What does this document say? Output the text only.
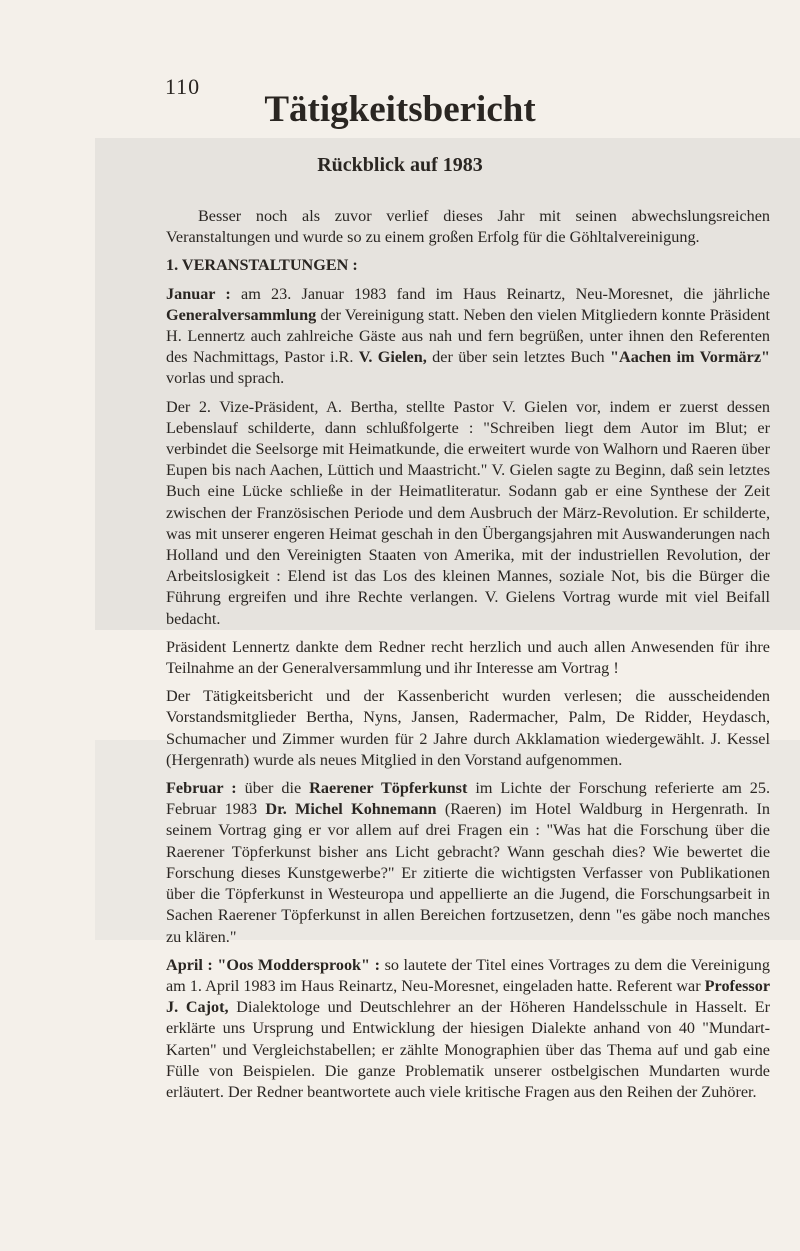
110
Tätigkeitsbericht
Rückblick auf 1983

Besser noch als zuvor verlief dieses Jahr mit seinen abwechslungsreichen Veranstaltungen und wurde so zu einem großen Erfolg für die Göhltalvereinigung.

1. VERANSTALTUNGEN :

Januar : am 23. Januar 1983 fand im Haus Reinartz, Neu-Moresnet, die jährliche Generalversammlung der Vereinigung statt. Neben den vielen Mitgliedern konnte Präsident H. Lennertz auch zahlreiche Gäste aus nah und fern begrüßen, unter ihnen den Referenten des Nachmittags, Pastor i.R. V. Gielen, der über sein letztes Buch "Aachen im Vormärz" vorlas und sprach.

Der 2. Vize-Präsident, A. Bertha, stellte Pastor V. Gielen vor, indem er zuerst dessen Lebenslauf schilderte, dann schlußfolgerte : "Schreiben liegt dem Autor im Blut; er verbindet die Seelsorge mit Heimatkunde, die erweitert wurde von Walhorn und Raeren über Eupen bis nach Aachen, Lüttich und Maastricht." V. Gielen sagte zu Beginn, daß sein letztes Buch eine Lücke schließe in der Heimatliteratur. Sodann gab er eine Synthese der Zeit zwischen der Französischen Periode und dem Ausbruch der März-Revolution. Er schilderte, was mit unserer engeren Heimat geschah in den Übergangsjahren mit Auswanderungen nach Holland und den Vereinigten Staaten von Amerika, mit der industriellen Revolution, der Arbeitslosigkeit : Elend ist das Los des kleinen Mannes, soziale Not, bis die Bürger die Führung ergreifen und ihre Rechte verlangen. V. Gielens Vortrag wurde mit viel Beifall bedacht.

Präsident Lennertz dankte dem Redner recht herzlich und auch allen Anwesenden für ihre Teilnahme an der Generalversammlung und ihr Interesse am Vortrag !

Der Tätigkeitsbericht und der Kassenbericht wurden verlesen; die ausscheidenden Vorstandsmitglieder Bertha, Nyns, Jansen, Radermacher, Palm, De Ridder, Heydasch, Schumacher und Zimmer wurden für 2 Jahre durch Akklamation wiedergewählt. J. Kessel (Hergenrath) wurde als neues Mitglied in den Vorstand aufgenommen.

Februar : über die Raerener Töpferkunst im Lichte der Forschung referierte am 25. Februar 1983 Dr. Michel Kohnemann (Raeren) im Hotel Waldburg in Hergenrath. In seinem Vortrag ging er vor allem auf drei Fragen ein : "Was hat die Forschung über die Raerener Töpferkunst bisher ans Licht gebracht? Wann geschah dies? Wie bewertet die Forschung dieses Kunstgewerbe?" Er zitierte die wichtigsten Verfasser von Publikationen über die Töpferkunst in Westeuropa und appellierte an die Jugend, die Forschungsarbeit in Sachen Raerener Töpferkunst in allen Bereichen fortzusetzen, denn "es gäbe noch manches zu klären."

April : "Oos Moddersprook" : so lautete der Titel eines Vortrages zu dem die Vereinigung am 1. April 1983 im Haus Reinartz, Neu-Moresnet, eingeladen hatte. Referent war Professor J. Cajot, Dialektologe und Deutschlehrer an der Höheren Handelsschule in Hasselt. Er erklärte uns Ursprung und Entwicklung der hiesigen Dialekte anhand von 40 "Mundart-Karten" und Vergleichstabellen; er zählte Monographien über das Thema auf und gab eine Fülle von Beispielen. Die ganze Problematik unserer ostbelgischen Mundarten wurde erläutert. Der Redner beantwortete auch viele kritische Fragen aus den Reihen der Zuhörer.
